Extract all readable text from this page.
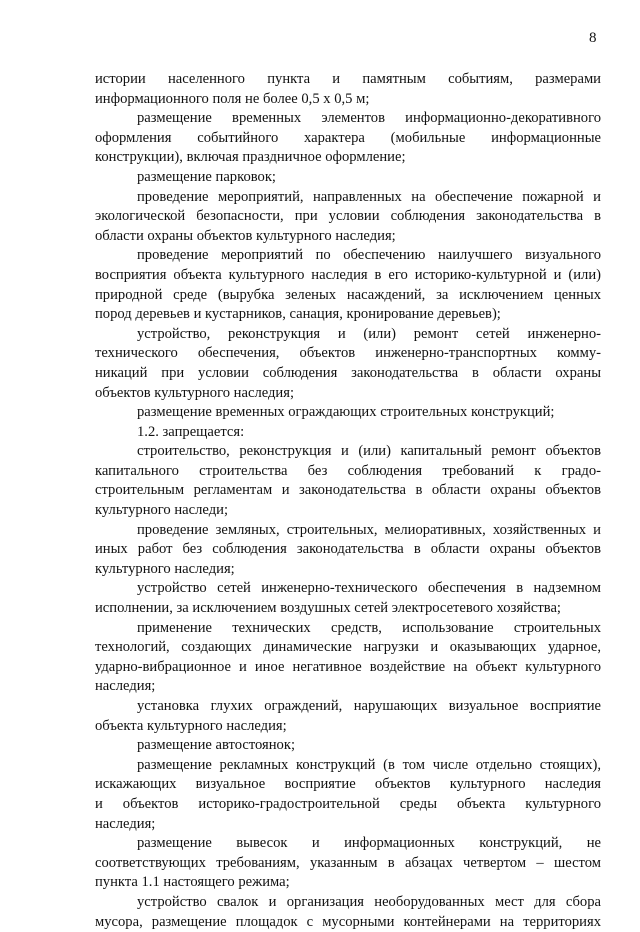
8

истории населенного пункта и памятным событиям, размерами
информационного поля не более 0,5 х 0,5 м;

размещение временных элементов информационно-декоративного
оформления событийного характера (мобильные информационные
конструкции), включая праздничное оформление;

размещение парковок;

проведение мероприятий, направленных на обеспечение пожарной и
экологической безопасности, при условии соблюдения законодательства в
области охраны объектов культурного наследия;

проведение мероприятий по обеспечению наилучшего визуального
восприятия объекта культурного наследия в его историко-культурной и (или)
природной среде (вырубка зеленых насаждений, за исключением ценных
пород деревьев и кустарников, санация, кронирование деревьев);

устройство, реконструкция и (или) ремонт сетей инженерно-
технического обеспечения, объектов инженерно-транспортных комму-
никаций при условии соблюдения законодательства в области охраны
объектов культурного наследия;

размещение временных ограждающих строительных конструкций;

1.2. запрещается:

строительство, реконструкция и (или) капитальный ремонт объектов
капитального строительства без соблюдения требований к градо-
строительным регламентам и законодательства в области охраны объектов
культурного наследи;

проведение земляных, строительных, мелиоративных, хозяйственных и
иных работ без соблюдения законодательства в области охраны объектов
культурного наследия;

устройство сетей инженерно-технического обеспечения в надземном
исполнении, за исключением воздушных сетей электросетевого хозяйства;

применение технических средств, использование строительных
технологий, создающих динамические нагрузки и оказывающих ударное,
ударно-вибрационное и иное негативное воздействие на объект культурного
наследия;

установка глухих ограждений, нарушающих визуальное восприятие
объекта культурного наследия;

размещение автостоянок;

размещение рекламных конструкций (в том числе отдельно стоящих),
искажающих визуальное восприятие объектов культурного наследия
и объектов историко-градостроительной среды объекта культурного
наследия;

размещение вывесок и информационных конструкций, не
соответствующих требованиям, указанным в абзацах четвертом – шестом
пункта 1.1 настоящего режима;

устройство свалок и организация необорудованных мест для сбора
мусора, размещение площадок с мусорными контейнерами на территориях
